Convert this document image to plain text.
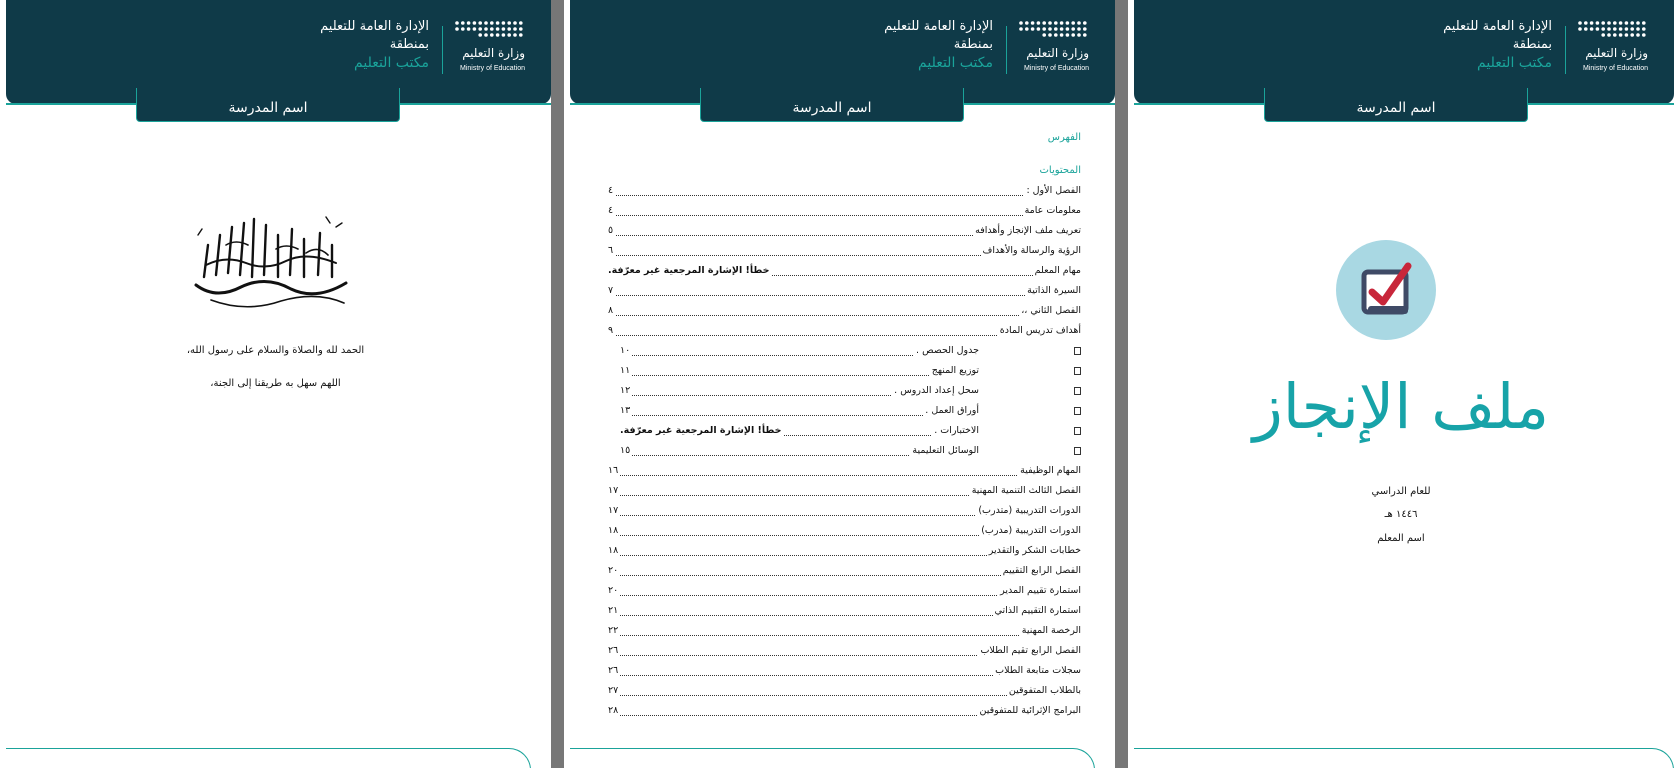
وزارة التعليم
Ministry of Education
الإدارة العامة للتعليم
بمنطقة
مكتب التعليم
اسم المدرسة
الحمد لله والصلاة والسلام على رسول الله،
اللهم سهل به طريقنا إلى الجنة،
وزارة التعليم
Ministry of Education
الإدارة العامة للتعليم
بمنطقة
مكتب التعليم
اسم المدرسة
الفهرس
المحتويات
الفصل الأول :
٤
معلومات عامة
٤
تعريف ملف الإنجاز وأهدافه
٥
الرؤية والرسالة والأهداف
٦
مهام المعلم
خطأ! الإشارة المرجعية غير معرّفة.
السيرة الذاتية
٧
الفصل الثاني ،،
٨
أهداف تدريس المادة
٩
جدول الحصص .
١٠
توزيع المنهج
١١
سحل إعداد الدروس .
١٢
أوراق العمل .
١٣
الاختبارات .
خطأ! الإشارة المرجعية غير معرّفة.
الوسائل التعليمية
١٥
المهام الوظيفية
١٦
الفصل الثالث التنمية المهنية
١٧
الدورات التدريبية (متدرب)
١٧
الدورات التدريبية (مدرب)
١٨
خطابات الشكر والتقدير
١٨
الفصل الرابع التقييم
٢٠
استمارة تقييم المدير
٢٠
استمارة التقييم الذاتي
٢١
الرخصة المهنية
٢٢
الفصل الرابع تقيم الطلاب
٢٦
سجلات متابعة الطلاب
٢٦
بالطلاب المتفوقين
٢٧
البرامج الإثرائية للمتفوقين
٢٨
وزارة التعليم
Ministry of Education
الإدارة العامة للتعليم
بمنطقة
مكتب التعليم
اسم المدرسة
ملف الإنجاز
للعام الدراسي
١٤٤٦ هـ
اسم المعلم
